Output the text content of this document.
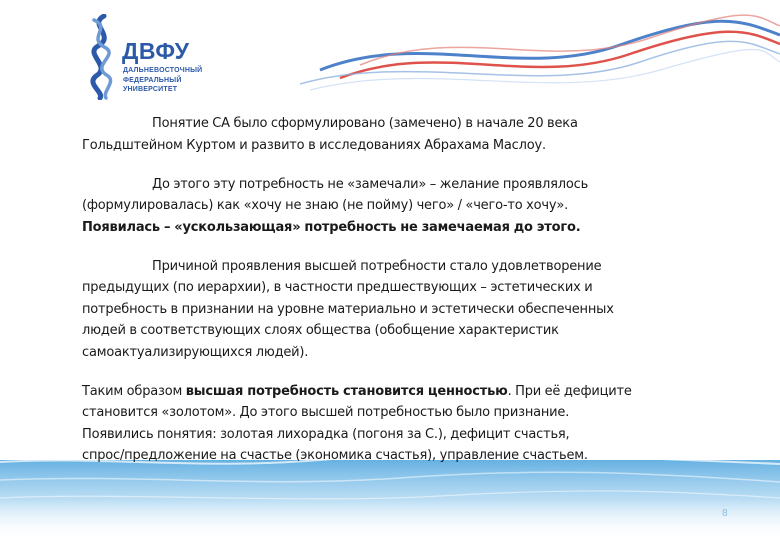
ДВФУ
ДАЛЬНЕВОСТОЧНЫЙ
ФЕДЕРАЛЬНЫЙ
УНИВЕРСИТЕТ

Понятие СА было сформулировано (замечено) в начале 20 века
Гольдштейном Куртом и развито в исследованиях Абрахама Маслоу.

До этого эту потребность не «замечали» – желание проявлялось
(формулировалась) как «хочу не знаю (не пойму) чего» / «чего-то хочу».
Появилась – «ускользающая» потребность не замечаемая до этого.

Причиной проявления высшей потребности стало удовлетворение
предыдущих (по иерархии), в частности предшествующих – эстетических и
потребность в признании на уровне материально и эстетически обеспеченных
людей в соответствующих слоях общества (обобщение характеристик
самоактуализирующихся людей).

Таким образом высшая потребность становится ценностью. При её дефиците
становится «золотом». До этого высшей потребностью было признание.
Появились понятия: золотая лихорадка (погоня за С.), дефицит счастья,
спрос/предложение на счастье (экономика счастья), управление счастьем.

8
